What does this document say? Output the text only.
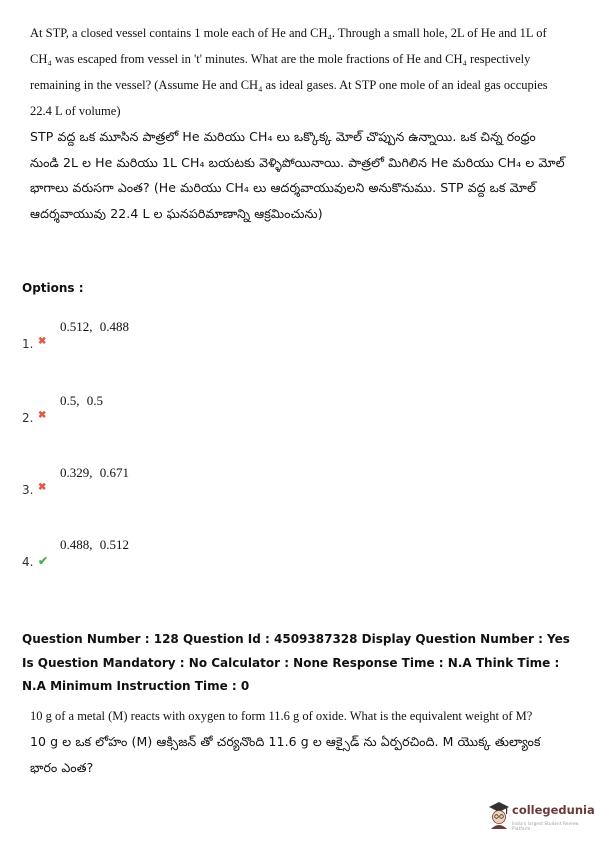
At STP, a closed vessel contains 1 mole each of He and CH₄. Through a small hole, 2L of He and 1L of CH₄ was escaped from vessel in 't' minutes. What are the mole fractions of He and CH₄ respectively remaining in the vessel? (Assume He and CH₄ as ideal gases. At STP one mole of an ideal gas occupies 22.4 L of volume)

STP వద్ద ఒక మూసిన పాత్రలో He మరియు CH₄ లు ఒక్కొక్క మోల్ చొప్పున ఉన్నాయి. ఒక చిన్న రంధ్రం నుండి 2L ల He మరియు 1L CH₄ బయటకు వెళ్ళిపోయినాయి. పాత్రలో మిగిలిన He మరియు CH₄ ల మోల్ భాగాలు వరుసగా ఎంత? (He మరియు CH₄ లు ఆదర్శవాయువులని అనుకొనుము. STP వద్ద ఒక మోల్ ఆదర్శవాయువు 22.4 L ల ఘనపరిమాణాన్ని ఆక్రమించును)

Options :
0.512, 0.488
1. ✖
0.5, 0.5
2. ✖
0.329, 0.671
3. ✖
0.488, 0.512
4. ✔
Question Number : 128 Question Id : 4509387328 Display Question Number : Yes Is Question Mandatory : No Calculator : None Response Time : N.A Think Time : N.A Minimum Instruction Time : 0

10 g of a metal (M) reacts with oxygen to form 11.6 g of oxide. What is the equivalent weight of M?

10 g ల ఒక లోహం (M) ఆక్సిజన్ తో చర్యనొంది 11.6 g ల ఆక్సైడ్ ను ఏర్పరచింది. M యొక్క తుల్యాంక భారం ఎంత?

collegedunia
India's largest Student Review Platform
